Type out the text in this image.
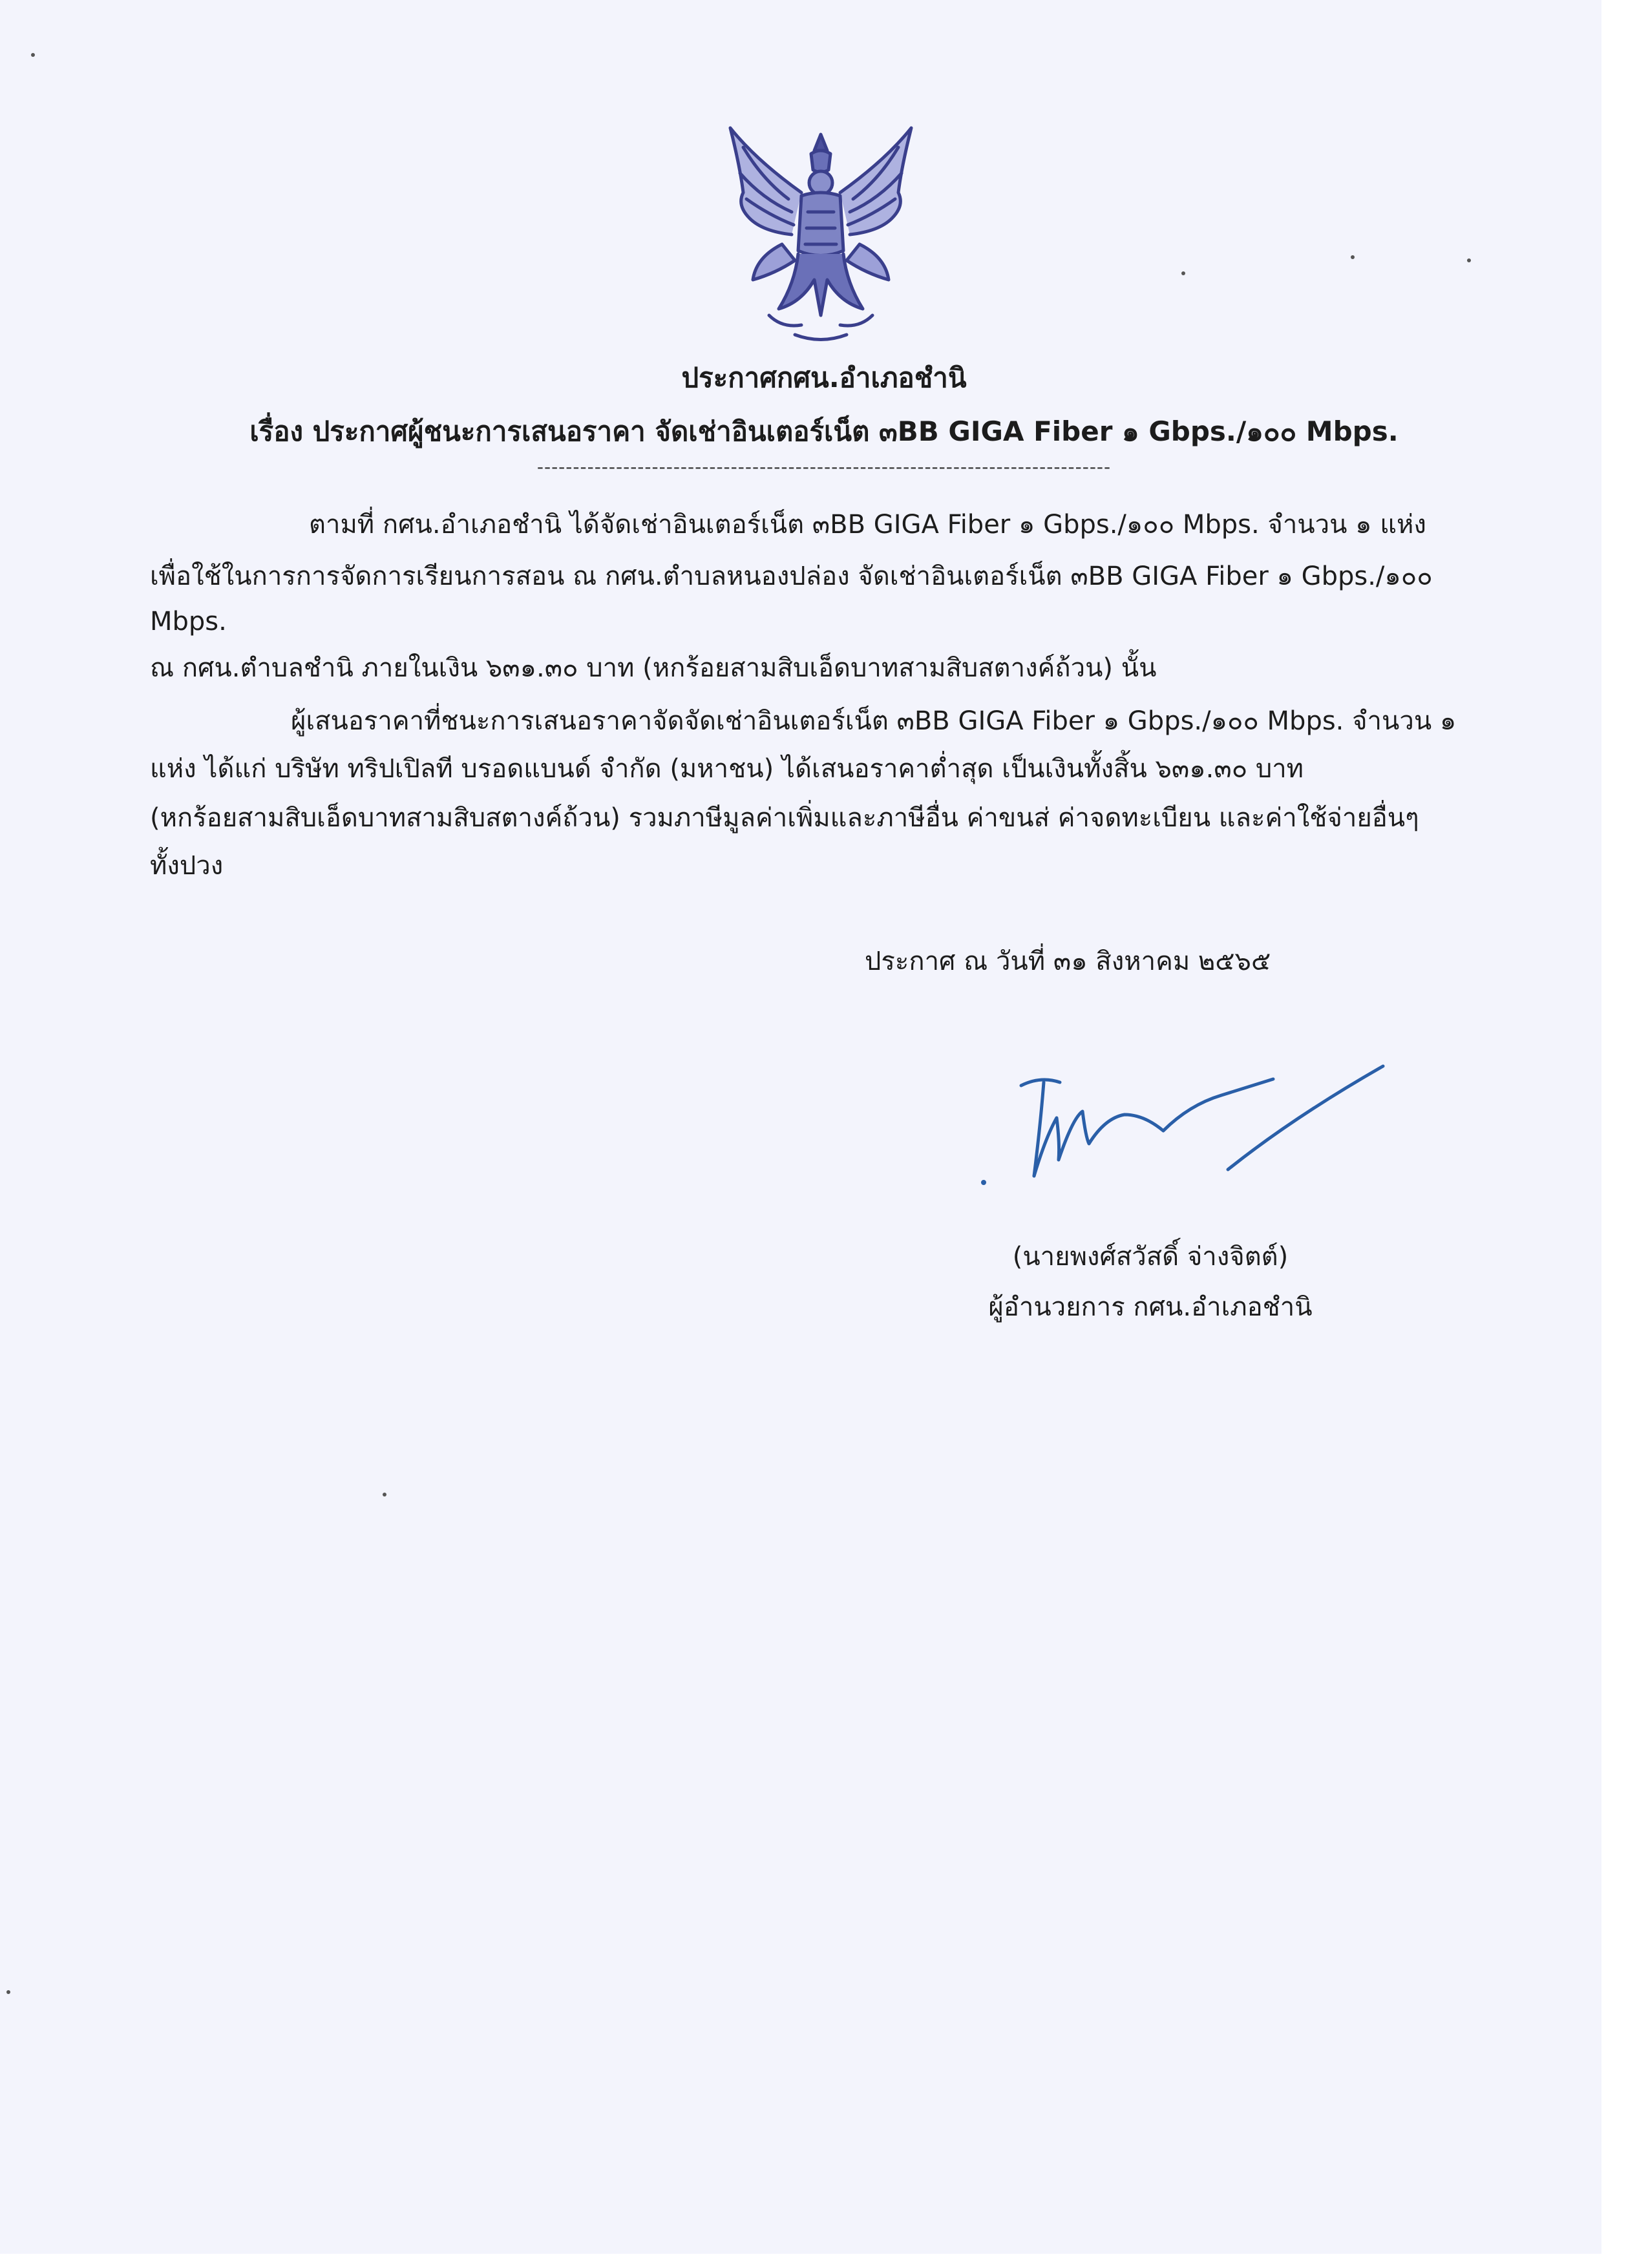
ประกาศกศน.อำเภอชำนิ
เรื่อง ประกาศผู้ชนะการเสนอราคา จัดเช่าอินเตอร์เน็ต ๓BB GIGA Fiber ๑ Gbps./๑๐๐ Mbps.
--------------------------------------------------------------------------------
ตามที่ กศน.อำเภอชำนิ ได้จัดเช่าอินเตอร์เน็ต ๓BB GIGA Fiber ๑ Gbps./๑๐๐ Mbps. จำนวน ๑ แห่ง
เพื่อใช้ในการการจัดการเรียนการสอน ณ กศน.ตำบลหนองปล่อง จัดเช่าอินเตอร์เน็ต ๓BB GIGA Fiber ๑ Gbps./๑๐๐
Mbps.
ณ กศน.ตำบลชำนิ ภายในเงิน ๖๓๑.๓๐ บาท (หกร้อยสามสิบเอ็ดบาทสามสิบสตางค์ถ้วน) นั้น
ผู้เสนอราคาที่ชนะการเสนอราคาจัดจัดเช่าอินเตอร์เน็ต ๓BB GIGA Fiber ๑ Gbps./๑๐๐ Mbps. จำนวน ๑
แห่ง ได้แก่ บริษัท ทริปเปิลที บรอดแบนด์ จำกัด (มหาชน) ได้เสนอราคาต่ำสุด เป็นเงินทั้งสิ้น ๖๓๑.๓๐ บาท
(หกร้อยสามสิบเอ็ดบาทสามสิบสตางค์ถ้วน) รวมภาษีมูลค่าเพิ่มและภาษีอื่น ค่าขนส่ ค่าจดทะเบียน และค่าใช้จ่ายอื่นๆ
ทั้งปวง
ประกาศ ณ วันที่ ๓๑ สิงหาคม ๒๕๖๕
(นายพงศ์สวัสดิ์ จ่างจิตต์)
ผู้อำนวยการ กศน.อำเภอชำนิ
